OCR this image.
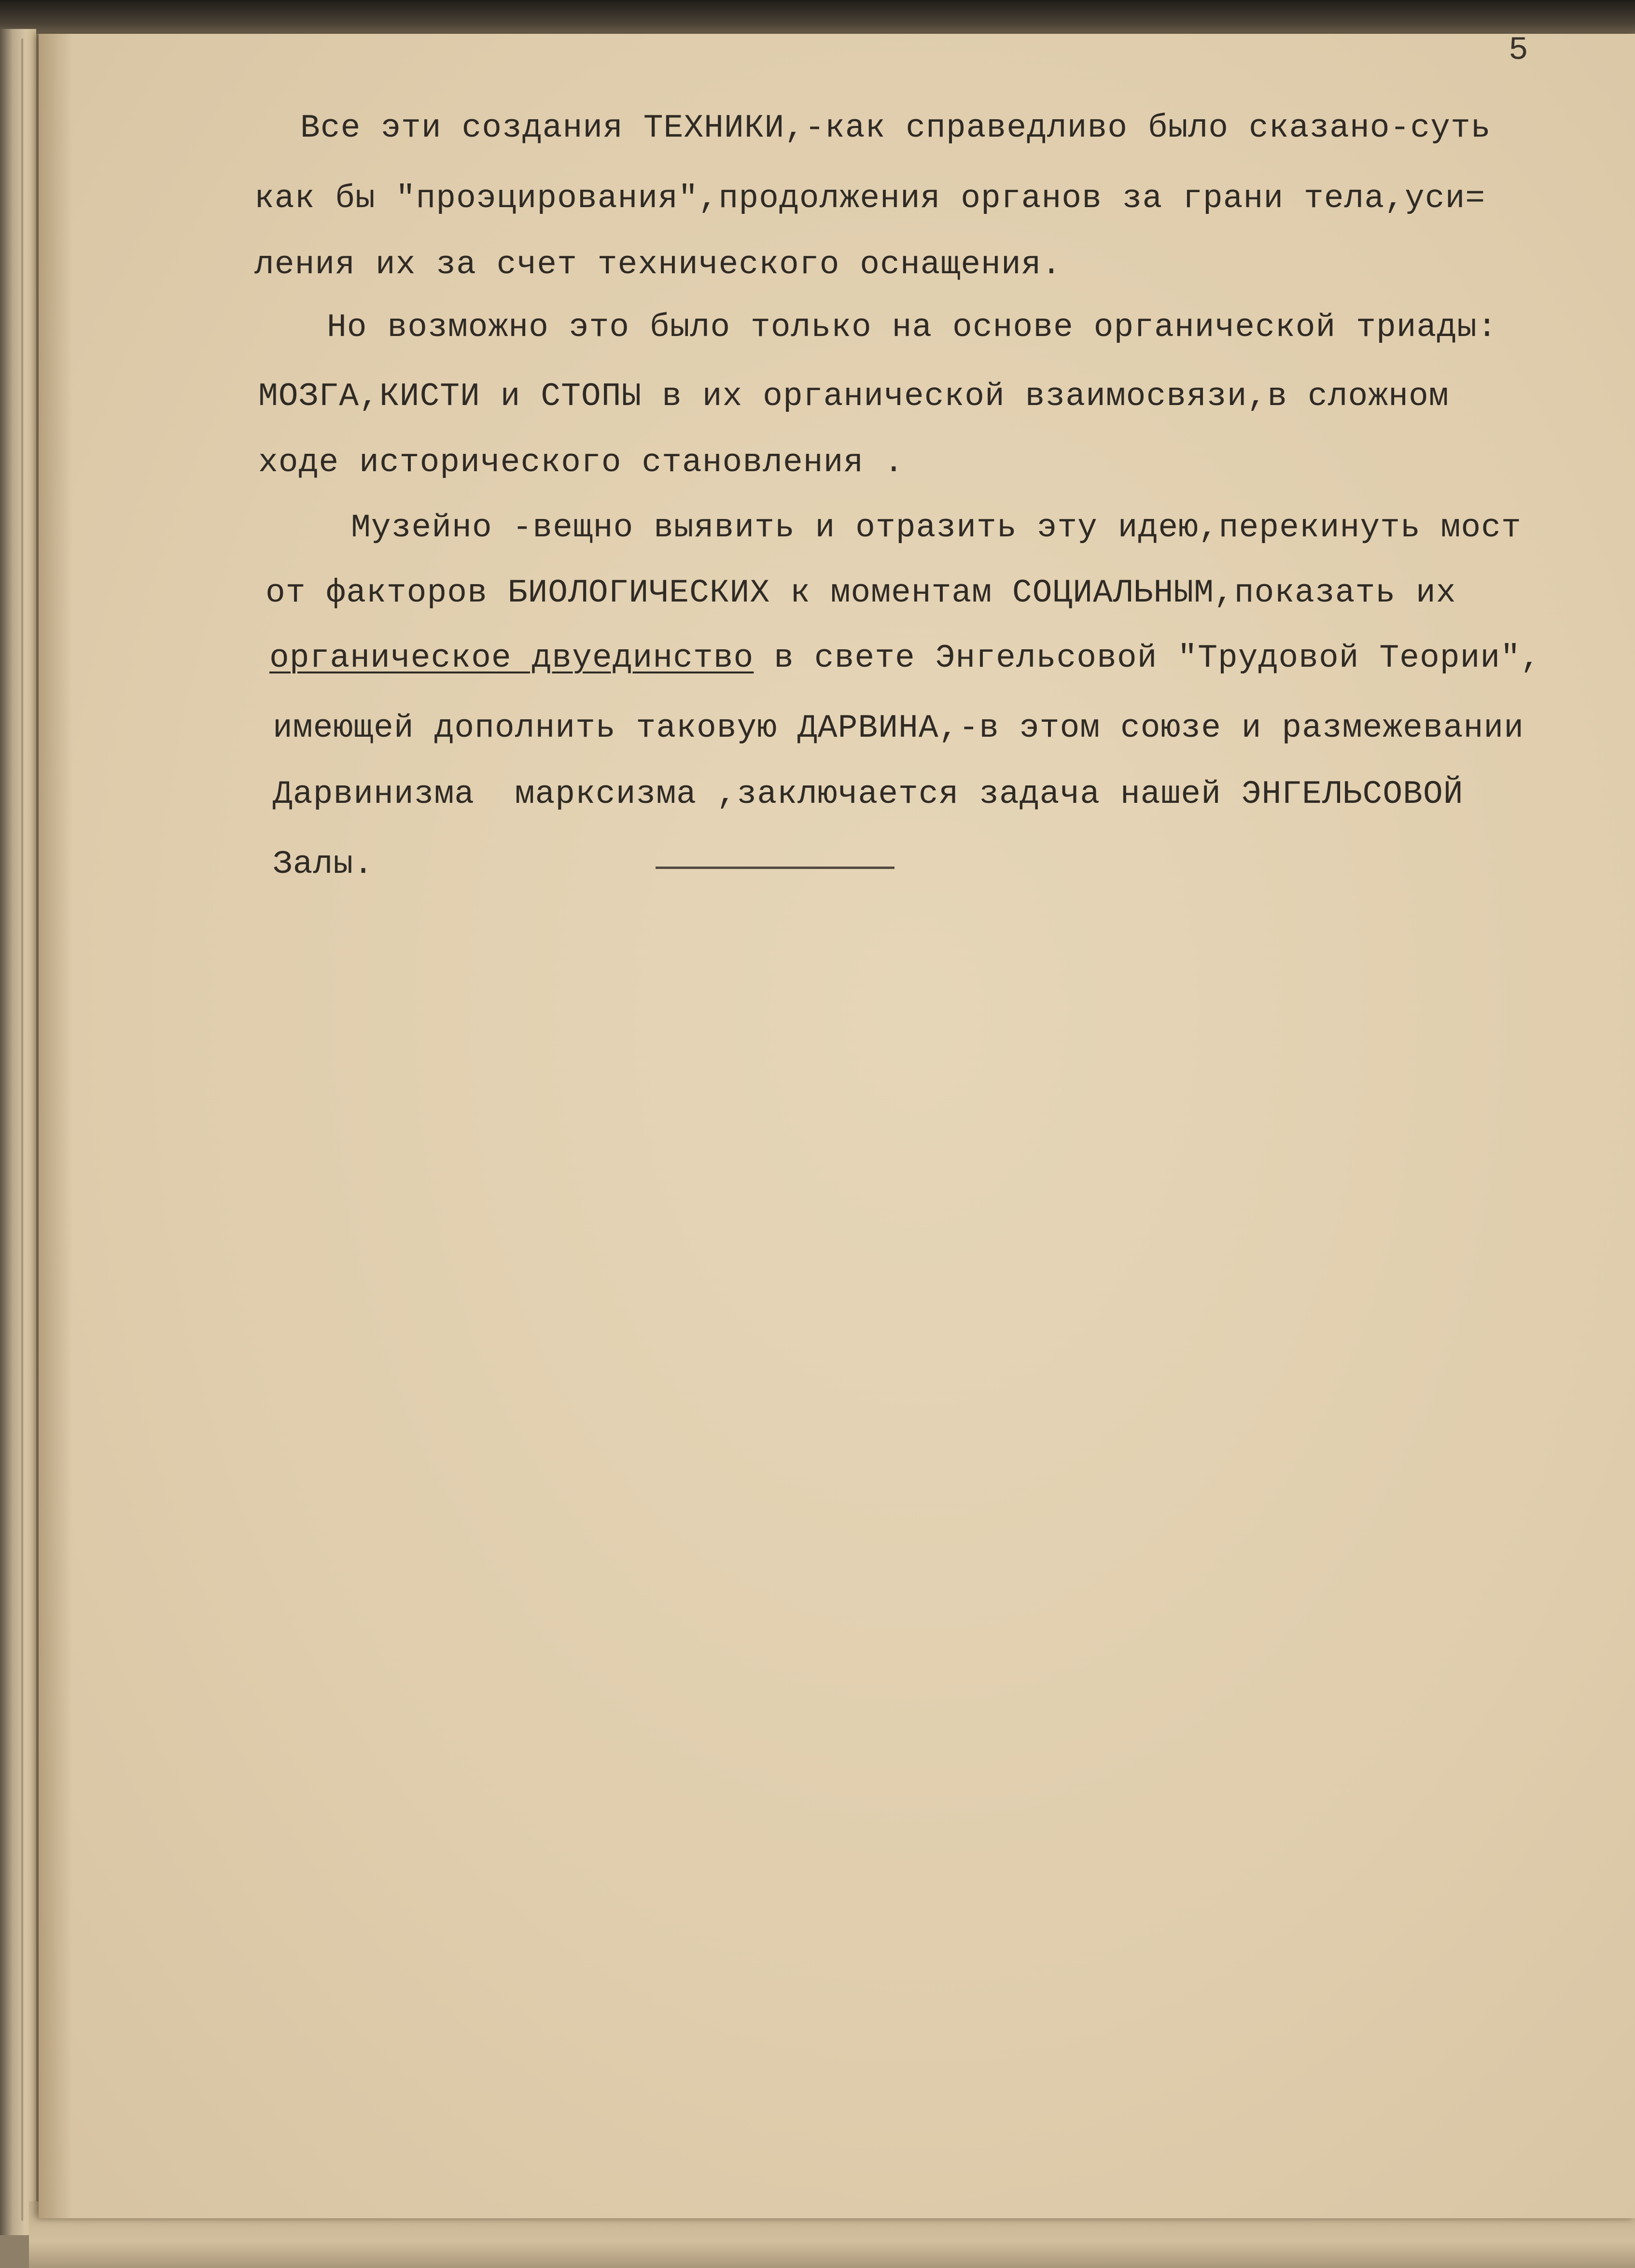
5
Все эти создания ТЕХНИКИ,-как справедливо было сказано-суть
как бы "проэцирования",продолжения органов за грани тела,уси=
ления их за счет технического оснащения.
Но возможно это было только на основе органической триады:
МОЗГА,КИСТИ и СТОПЫ в их органической взаимосвязи,в сложном
ходе исторического становления .
Музейно -вещно выявить и отразить эту идею,перекинуть мост
от факторов БИОЛОГИЧЕСКИХ к моментам СОЦИАЛЬНЫМ,показать их
органическое двуединство в свете Энгельсовой "Трудовой Теории",
имеющей дополнить таковую ДАРВИНА,-в этом союзе и размежевании
Дарвинизма  марксизма ,заключается задача нашей ЭНГЕЛЬСОВОЙ
Залы.
